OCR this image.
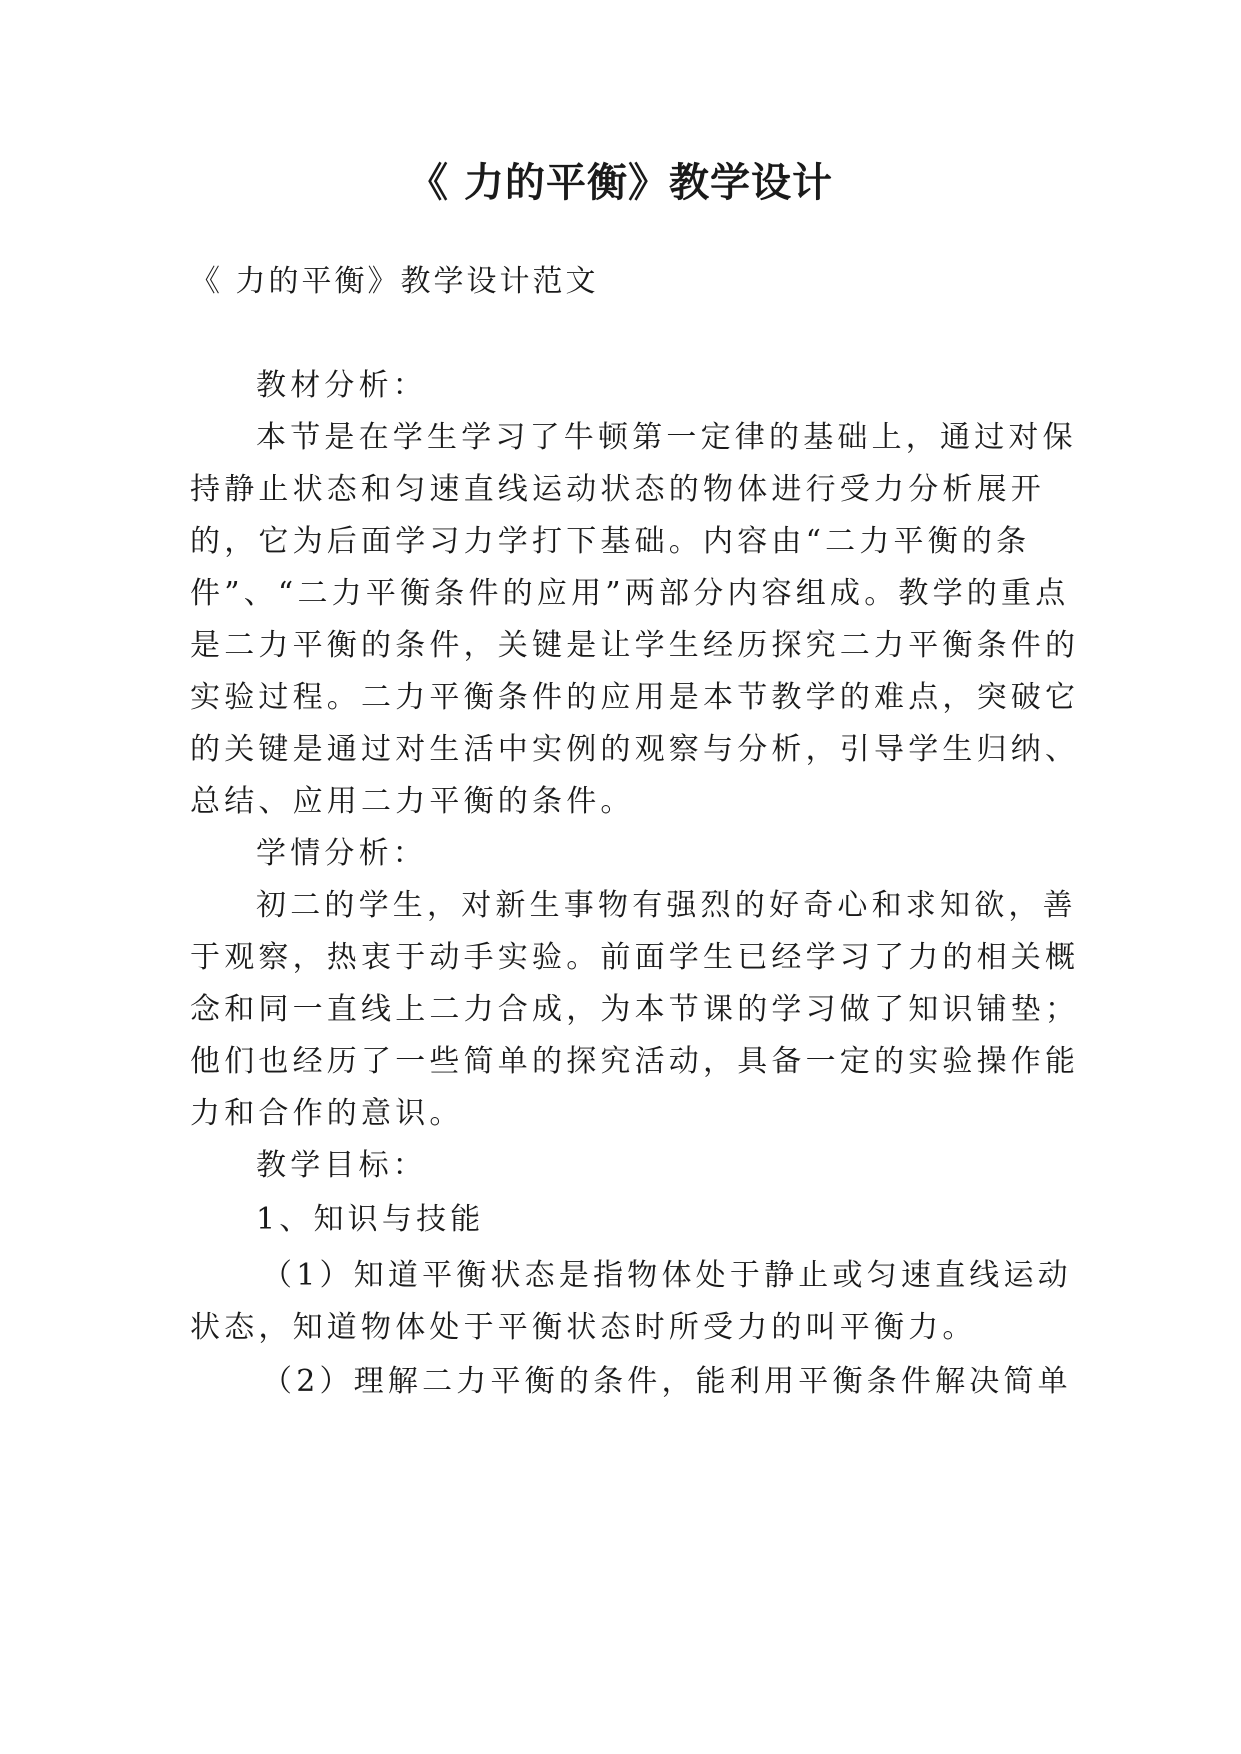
《 力的平衡》教学设计
《 力的平衡》教学设计范文
教材分析：
本节是在学生学习了牛顿第一定律的基础上，通过对保
持静止状态和匀速直线运动状态的物体进行受力分析展开
的，它为后面学习力学打下基础。内容由“二力平衡的条
件”、“二力平衡条件的应用”两部分内容组成。教学的重点
是二力平衡的条件，关键是让学生经历探究二力平衡条件的
实验过程。二力平衡条件的应用是本节教学的难点，突破它
的关键是通过对生活中实例的观察与分析，引导学生归纳、
总结、应用二力平衡的条件。
学情分析：
初二的学生，对新生事物有强烈的好奇心和求知欲，善
于观察，热衷于动手实验。前面学生已经学习了力的相关概
念和同一直线上二力合成，为本节课的学习做了知识铺垫；
他们也经历了一些简单的探究活动，具备一定的实验操作能
力和合作的意识。
教学目标：
1、知识与技能
（1）知道平衡状态是指物体处于静止或匀速直线运动
状态，知道物体处于平衡状态时所受力的叫平衡力。
（2）理解二力平衡的条件，能利用平衡条件解决简单
